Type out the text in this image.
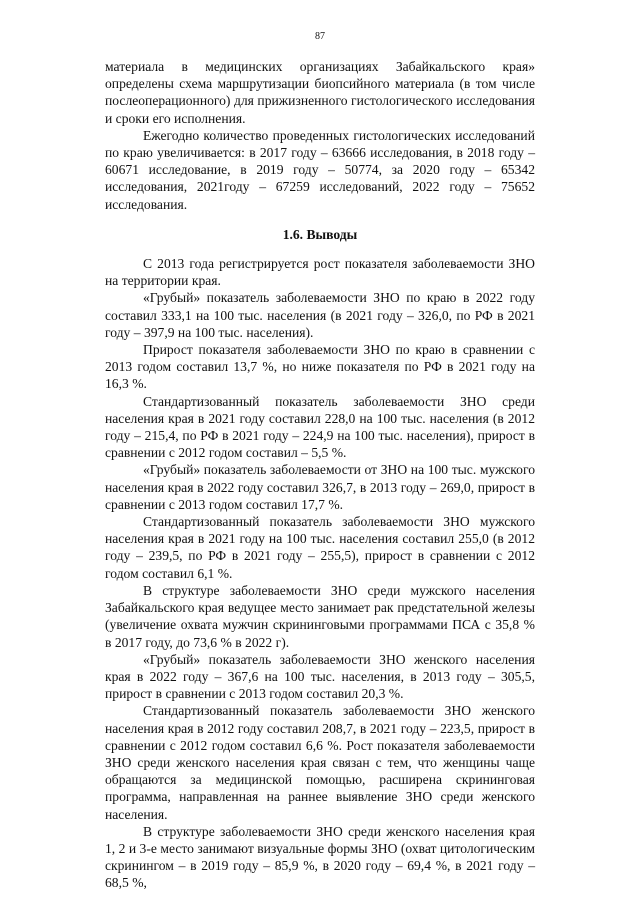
87

материала в медицинских организациях Забайкальского края» определены схема маршрутизации биопсийного материала (в том числе послеоперационного) для прижизненного гистологического исследования и сроки его исполнения.

Ежегодно количество проведенных гистологических исследований по краю увеличивается: в 2017 году – 63666 исследования, в 2018 году – 60671 исследование, в 2019 году – 50774, за 2020 году – 65342 исследования, 2021году – 67259 исследований, 2022 году – 75652 исследования.

1.6. Выводы

С 2013 года регистрируется рост показателя заболеваемости ЗНО на территории края.

«Грубый» показатель заболеваемости ЗНО по краю в 2022 году составил 333,1 на 100 тыс. населения (в 2021 году – 326,0, по РФ в 2021 году – 397,9 на 100 тыс. населения).

Прирост показателя заболеваемости ЗНО по краю в сравнении с 2013 годом составил 13,7 %, но ниже показателя по РФ в 2021 году на 16,3 %.

Стандартизованный показатель заболеваемости ЗНО среди населения края в 2021 году составил 228,0 на 100 тыс. населения (в 2012 году – 215,4, по РФ в 2021 году – 224,9 на 100 тыс. населения), прирост в сравнении с 2012 годом составил – 5,5 %.

«Грубый» показатель заболеваемости от ЗНО на 100 тыс. мужского населения края в 2022 году составил 326,7, в 2013 году – 269,0, прирост в сравнении с 2013 годом составил 17,7 %.

Стандартизованный показатель заболеваемости ЗНО мужского населения края в 2021 году на 100 тыс. населения составил 255,0 (в 2012 году – 239,5, по РФ в 2021 году – 255,5), прирост в сравнении с 2012 годом составил 6,1 %.

В структуре заболеваемости ЗНО среди мужского населения Забайкальского края ведущее место занимает рак предстательной железы (увеличение охвата мужчин скрининговыми программами ПСА с 35,8 % в 2017 году, до 73,6 % в 2022 г).

«Грубый» показатель заболеваемости ЗНО женского населения края в 2022 году – 367,6 на 100 тыс. населения, в 2013 году – 305,5, прирост в сравнении с 2013 годом составил 20,3 %.

Стандартизованный показатель заболеваемости ЗНО женского населения края в 2012 году составил 208,7, в 2021 году – 223,5, прирост в сравнении с 2012 годом составил 6,6 %. Рост показателя заболеваемости ЗНО среди женского населения края связан с тем, что женщины чаще обращаются за медицинской помощью, расширена скрининговая программа, направленная на раннее выявление ЗНО среди женского населения.

В структуре заболеваемости ЗНО среди женского населения края 1, 2 и 3-е место занимают визуальные формы ЗНО (охват цитологическим скринингом – в 2019 году – 85,9 %, в 2020 году – 69,4 %, в 2021 году – 68,5 %,
